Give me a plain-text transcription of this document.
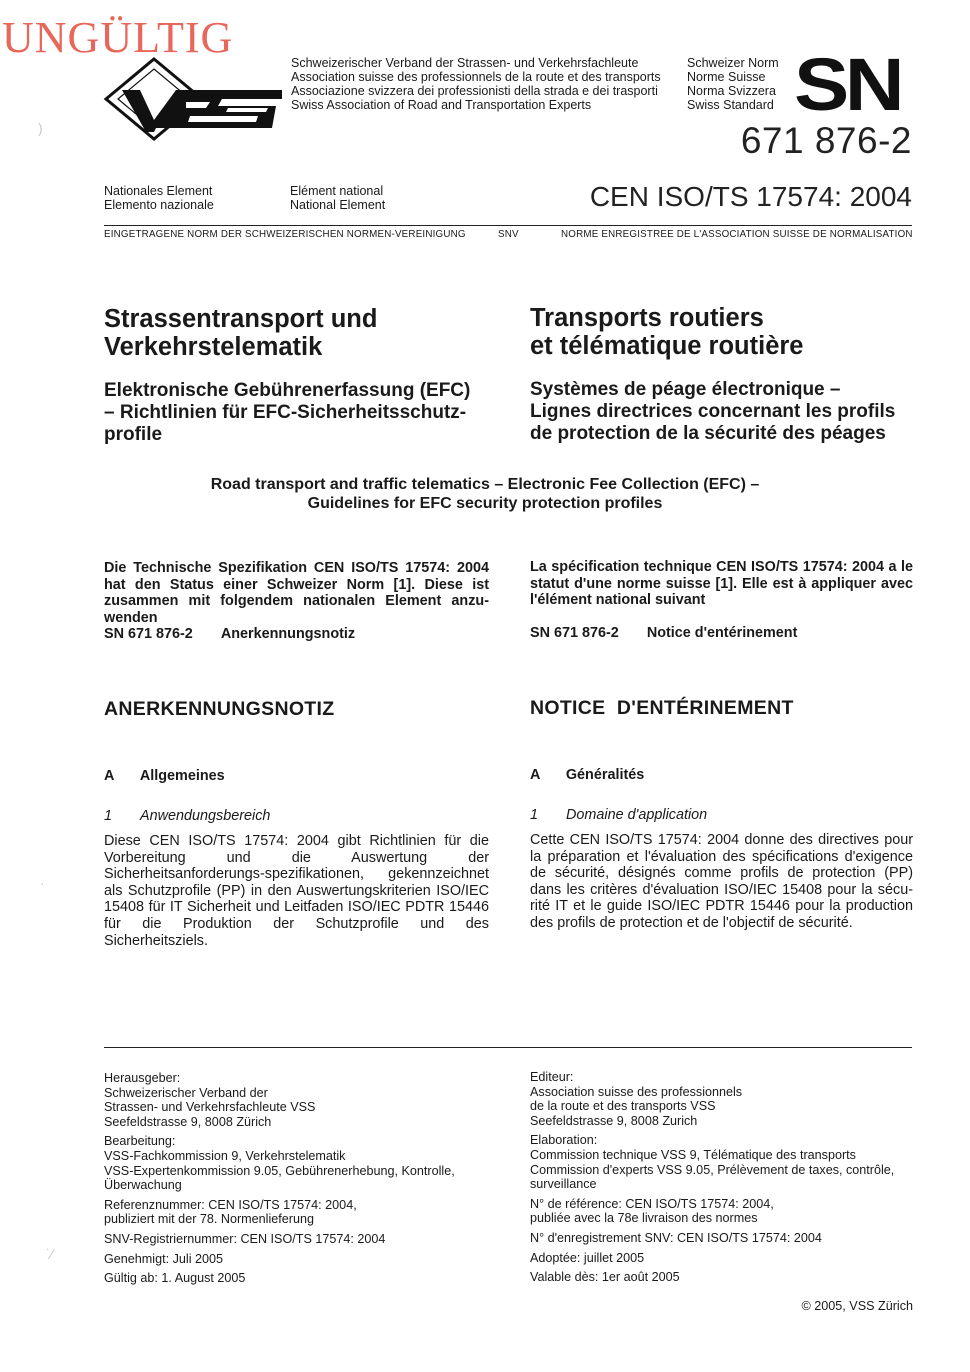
UNGÜLTIG
Schweizerischer Verband der Strassen- und Verkehrsfachleute
Association suisse des professionnels de la route et des transports
Associazione svizzera dei professionisti della strada e dei trasporti
Swiss Association of Road and Transportation Experts
Schweizer Norm
Norme Suisse
Norma Svizzera
Swiss Standard SN
671 876-2
Nationales Element
Elemento nazionale
Elément national
National Element	CEN ISO/TS 17574: 2004
EINGETRAGENE NORM DER SCHWEIZERISCHEN NORMEN-VEREINIGUNG	SNV	NORME ENREGISTREE DE L'ASSOCIATION SUISSE DE NORMALISATION
Strassentransport und
Verkehrstelematik
Elektronische Gebührenerfassung (EFC)
– Richtlinien für EFC-Sicherheitsschutz-
profile
Transports routiers
et télématique routière
Systèmes de péage électronique –
Lignes directrices concernant les profils
de protection de la sécurité des péages
Road transport and traffic telematics – Electronic Fee Collection (EFC) –
Guidelines for EFC security protection profiles
Die Technische Spezifikation CEN ISO/TS 17574: 2004 hat den Status einer Schweizer Norm [1]. Diese ist zusammen mit folgendem nationalen Element anzu-wenden
SN 671 876-2 Anerkennungsnotiz
La spécification technique CEN ISO/TS 17574: 2004 a le statut d'une norme suisse [1]. Elle est à appliquer avec l'élément national suivant
SN 671 876-2 Notice d'entérinement
ANERKENNUNGSNOTIZ	NOTICE  D'ENTÉRINEMENT
A Allgemeines	A Généralités
1 Anwendungsbereich	1 Domaine d'application
Diese CEN ISO/TS 17574: 2004 gibt Richtlinien für die Vorbereitung und die Auswertung der Sicherheitsanforderungs-spezifikationen, gekennzeichnet als Schutzprofile (PP) in den Auswertungskriterien ISO/IEC 15408 für IT Sicherheit und Leitfaden ISO/IEC PDTR 15446 für die Produktion der Schutzprofile und des Sicherheitsziels.
Cette CEN ISO/TS 17574: 2004 donne des directives pour la préparation et l'évaluation des spécifications d'exigence de sécurité, désignés comme profils de protection (PP) dans les critères d'évaluation ISO/IEC 15408 pour la sécu-rité IT et le guide ISO/IEC PDTR 15446 pour la production des profils de protection et de l'objectif de sécurité.

Herausgeber:

Schweizerischer Verband der

Strassen- und Verkehrsfachleute VSS

Seefeldstrasse 9, 8008 Zürich

Bearbeitung:

VSS-Fachkommission 9, Verkehrstelematik

VSS-Expertenkommission 9.05, Gebührenerhebung, Kontrolle,

Überwachung

Referenznummer: CEN ISO/TS 17574: 2004,

publiziert mit der 78. Normenlieferung

SNV-Registriernummer: CEN ISO/TS 17574: 2004

Genehmigt: Juli 2005

Gültig ab: 1. August 2005

Editeur:

Association suisse des professionnels

de la route et des transports VSS

Seefeldstrasse 9, 8008 Zurich

Elaboration:

Commission technique VSS 9, Télématique des transports

Commission d'experts VSS 9.05, Prélèvement de taxes, contrôle,

surveillance

N° de référence: CEN ISO/TS 17574: 2004,

publiée avec la 78e livraison des normes

N° d'enregistrement SNV: CEN ISO/TS 17574: 2004

Adoptée: juillet 2005

Valable dès: 1er août 2005

© 2005, VSS Zürich
)
·
˙⁄
